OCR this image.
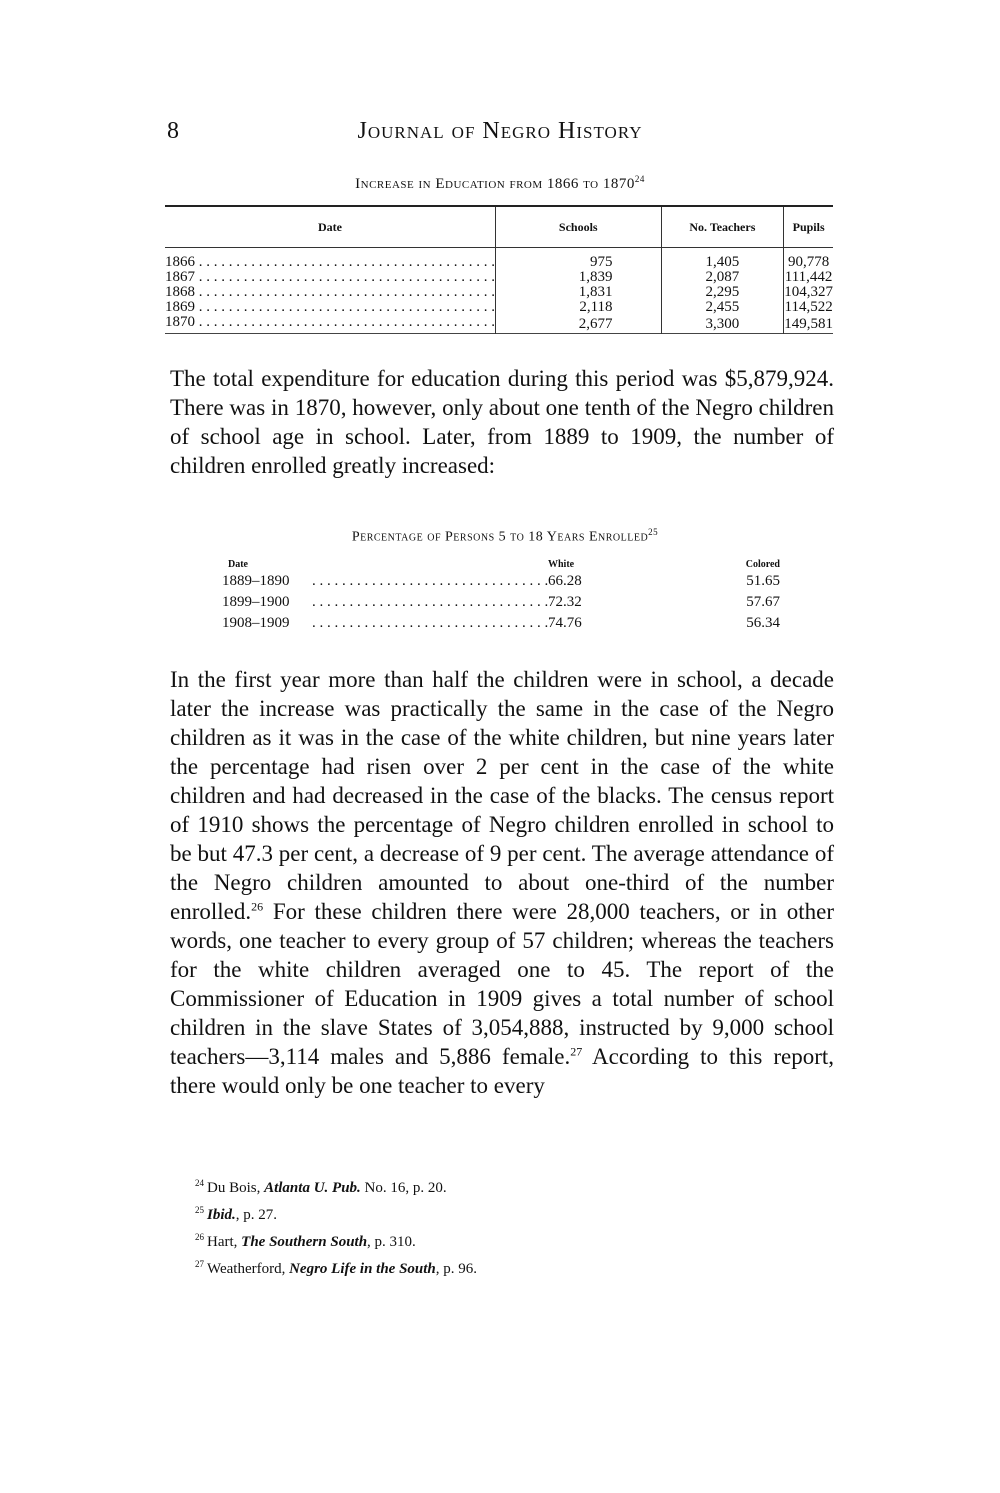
8	Journal of Negro History
Increase in Education from 1866 to 1870$^{24}$
Date	Schools	No. Teachers	Pupils
1866 . . .	975	1,405	90,778
1867 . . .	1,839	2,087	111,442
1868 . . .	1,831	2,295	104,327
1869 . . .	2,118	2,455	114,522
1870 . . .	2,677	3,300	149,581

The total expenditure for education during this period was $5,879,924. There was in 1870, however, only about one tenth of the Negro children of school age in school. Later, from 1889 to 1909, the number of children enrolled greatly increased:

Percentage of Persons 5 to 18 Years Enrolled$^{25}$
Date	White	Colored
1889–1890 . . .	66.28	51.65
1899–1900 . . .	72.32	57.67
1908–1909 . . .	74.76	56.34

In the first year more than half the children were in school, a decade later the increase was practically the same in the case of the Negro children as it was in the case of the white children, but nine years later the percentage had risen over 2 per cent in the case of the white children and had decreased in the case of the blacks. The census report of 1910 shows the percentage of Negro children enrolled in school to be but 47.3 per cent, a decrease of 9 per cent. The average attendance of the Negro children amounted to about one-third of the number enrolled.$^{26}$ For these children there were 28,000 teachers, or in other words, one teacher to every group of 57 children; whereas the teachers for the white children averaged one to 45. The report of the Commissioner of Education in 1909 gives a total number of school children in the slave States of 3,054,888, instructed by 9,000 school teachers—3,114 males and 5,886 female.$^{27}$ According to this report, there would only be one teacher to every

$^{24}$ Du Bois, Atlanta U. Pub. No. 16, p. 20.
$^{25}$ Ibid., p. 27.
$^{26}$ Hart, The Southern South, p. 310.
$^{27}$ Weatherford, Negro Life in the South, p. 96.
